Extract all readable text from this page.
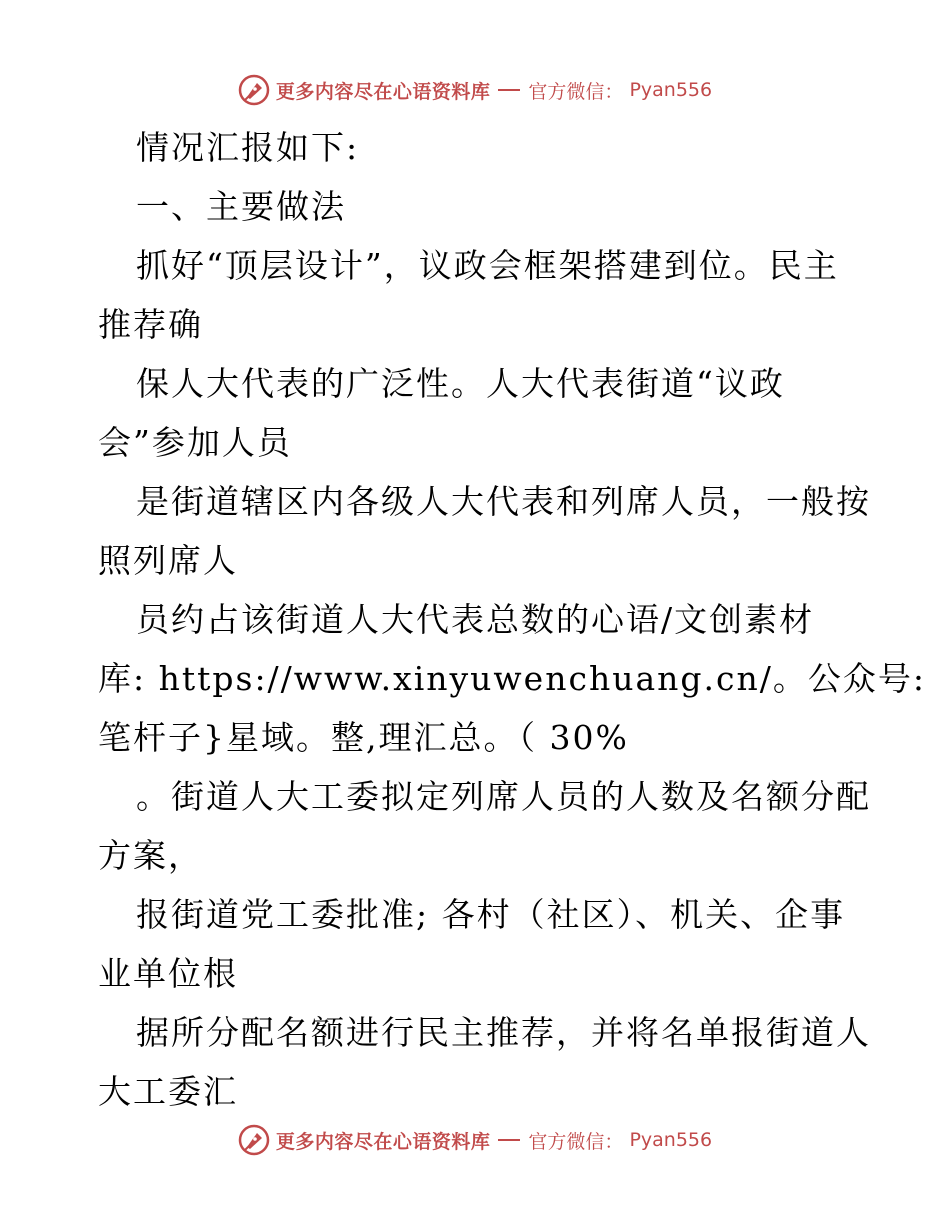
更多内容尽在心语资料库 官方微信： Pyan556
情况汇报如下:
一、主要做法
抓好“顶层设计”，议政会框架搭建到位。民主
推荐确
保人大代表的广泛性。人大代表街道“议政
会”参加人员
是街道辖区内各级人大代表和列席人员，一般按
照列席人
员约占该街道人大代表总数的心语/文创素材
库: https://www.xinyuwenchuang.cn/。公众号:
笔杆子}星域。整,理汇总。（ 30%
。街道人大工委拟定列席人员的人数及名额分配
方案，
报街道党工委批准; 各村（社区）、机关、企事
业单位根
据所分配名额进行民主推荐，并将名单报街道人
大工委汇
更多内容尽在心语资料库 官方微信： Pyan556
